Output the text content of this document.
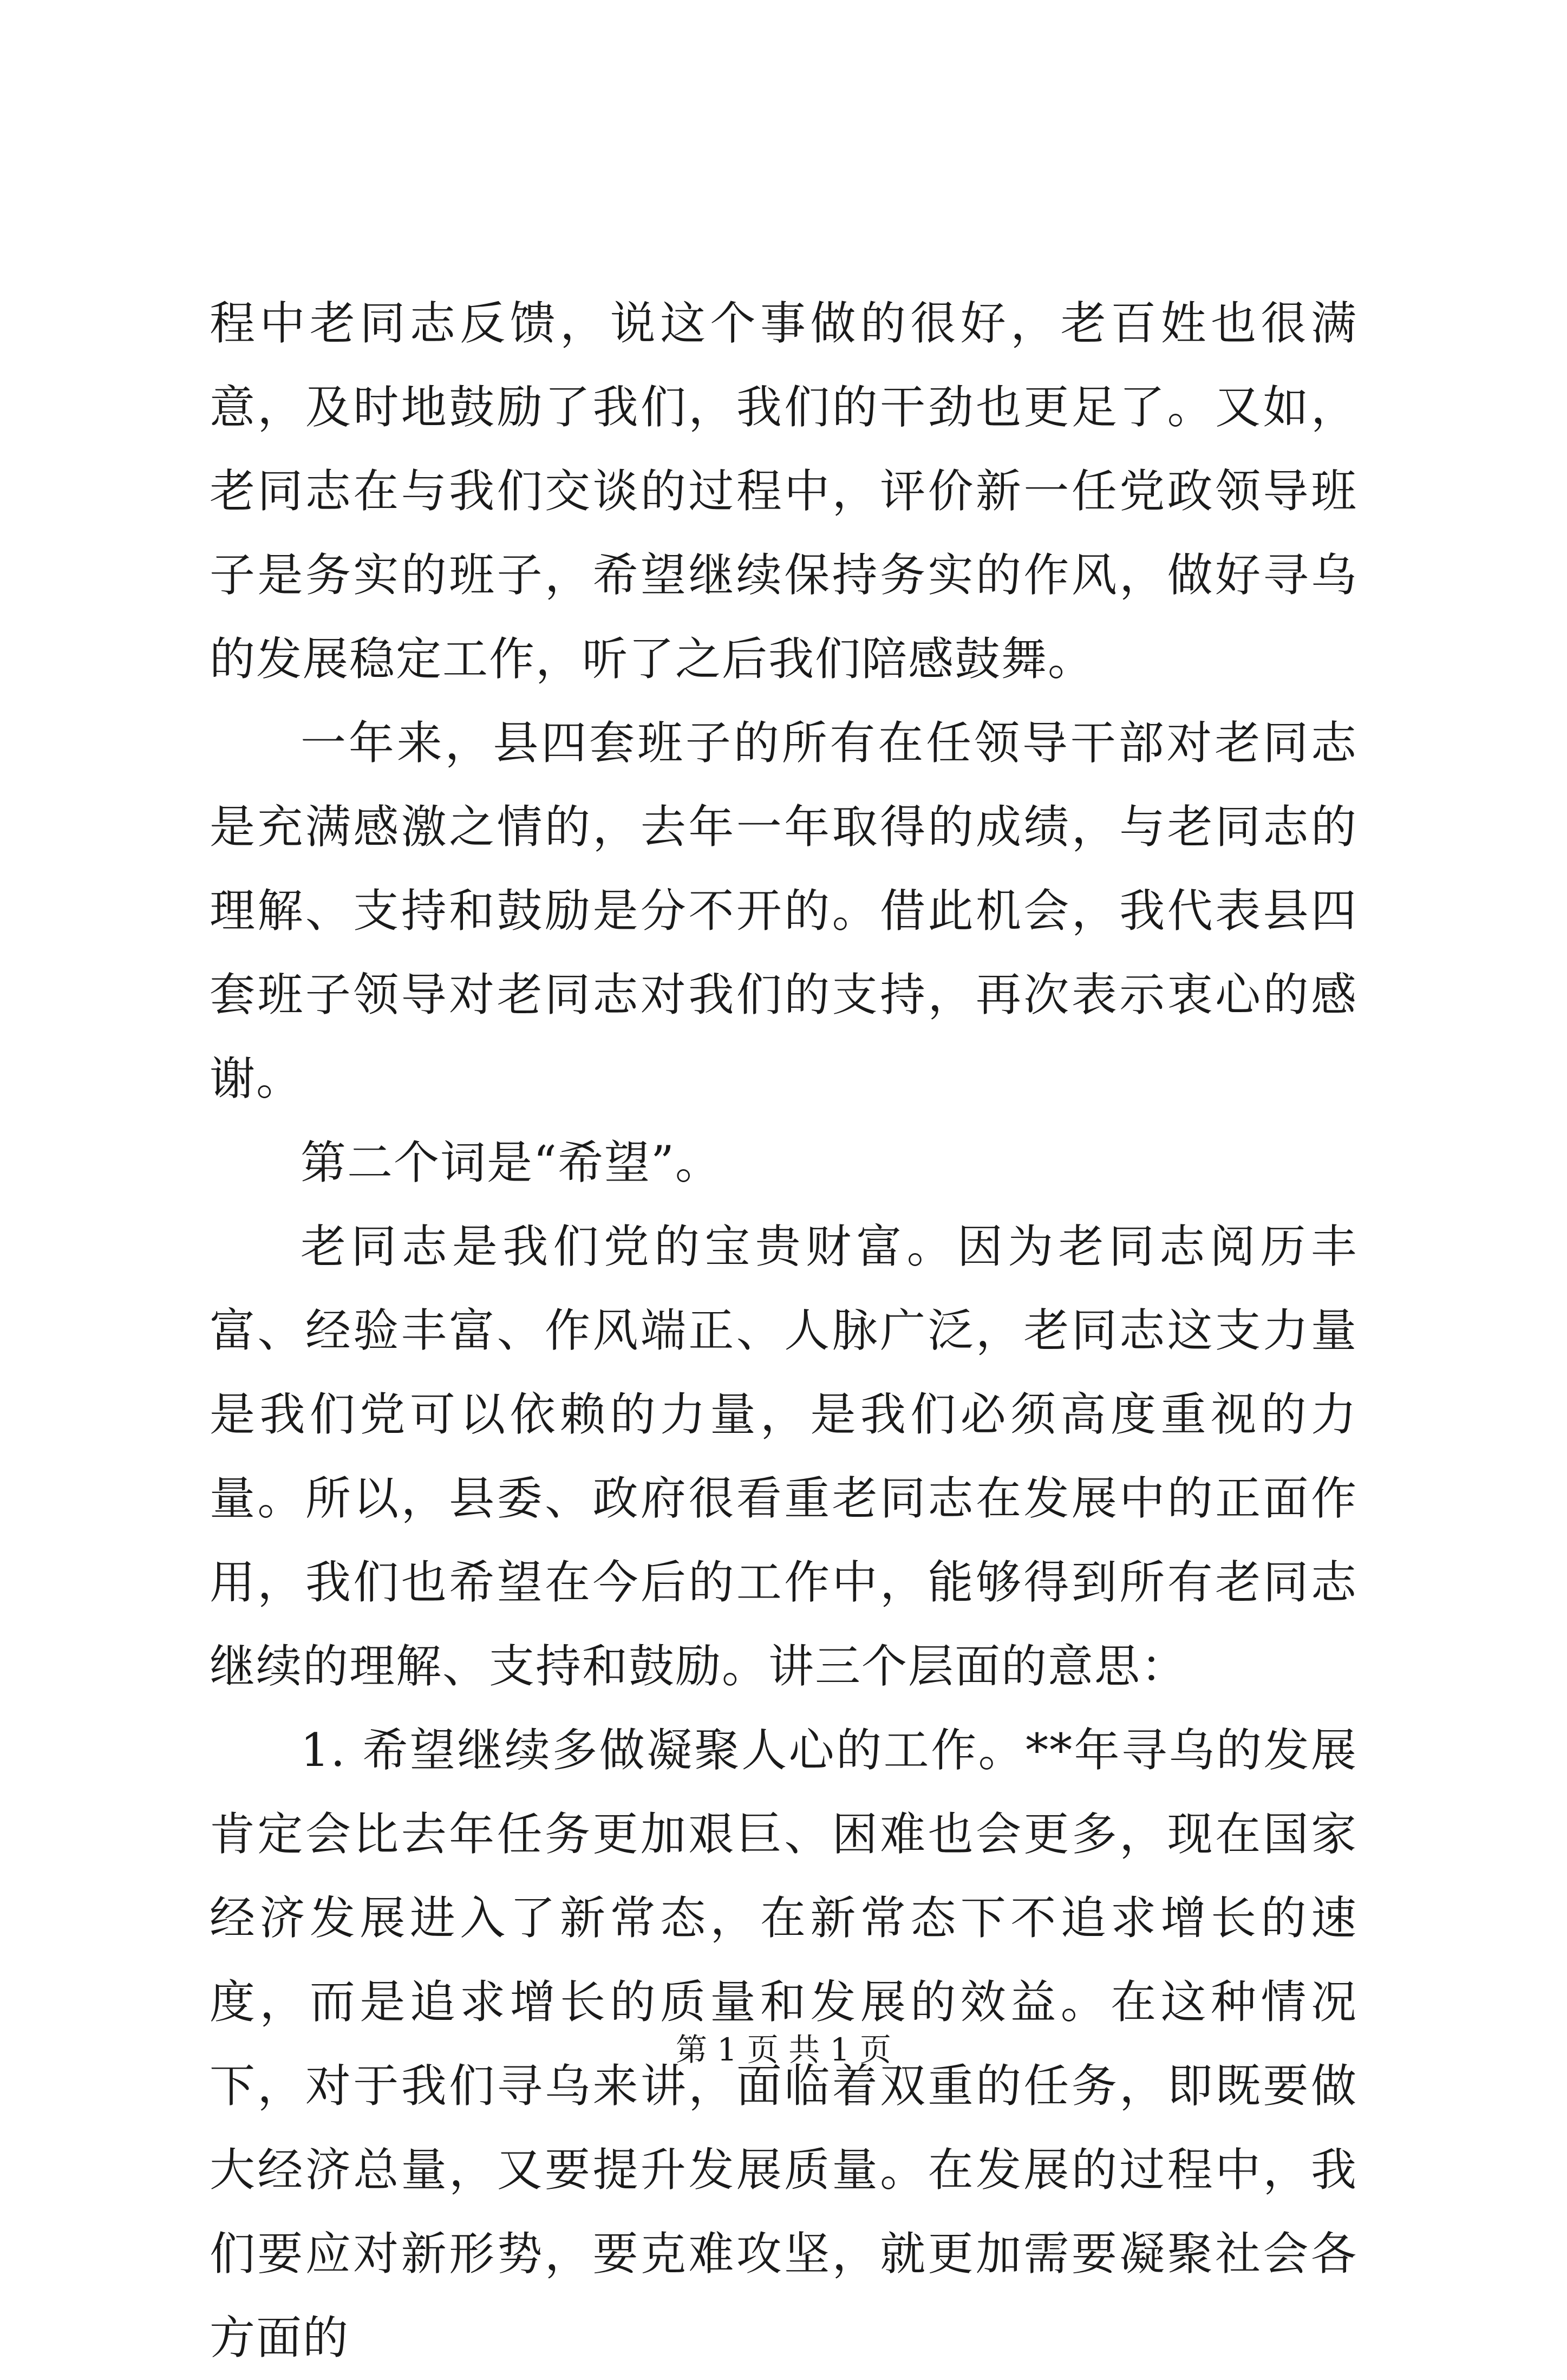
程中老同志反馈，说这个事做的很好，老百姓也很满意，及时地鼓励了我们，我们的干劲也更足了。又如，老同志在与我们交谈的过程中，评价新一任党政领导班子是务实的班子，希望继续保持务实的作风，做好寻乌的发展稳定工作，听了之后我们陪感鼓舞。

一年来，县四套班子的所有在任领导干部对老同志是充满感激之情的，去年一年取得的成绩，与老同志的理解、支持和鼓励是分不开的。借此机会，我代表县四套班子领导对老同志对我们的支持，再次表示衷心的感谢。

第二个词是“希望”。

老同志是我们党的宝贵财富。因为老同志阅历丰富、经验丰富、作风端正、人脉广泛，老同志这支力量是我们党可以依赖的力量，是我们必须高度重视的力量。所以，县委、政府很看重老同志在发展中的正面作用，我们也希望在今后的工作中，能够得到所有老同志继续的理解、支持和鼓励。讲三个层面的意思：

1. 希望继续多做凝聚人心的工作。**年寻乌的发展肯定会比去年任务更加艰巨、困难也会更多，现在国家经济发展进入了新常态，在新常态下不追求增长的速度，而是追求增长的质量和发展的效益。在这种情况下，对于我们寻乌来讲，面临着双重的任务，即既要做大经济总量，又要提升发展质量。在发展的过程中，我们要应对新形势，要克难攻坚，就更加需要凝聚社会各方面的

第 1 页 共 1 页
